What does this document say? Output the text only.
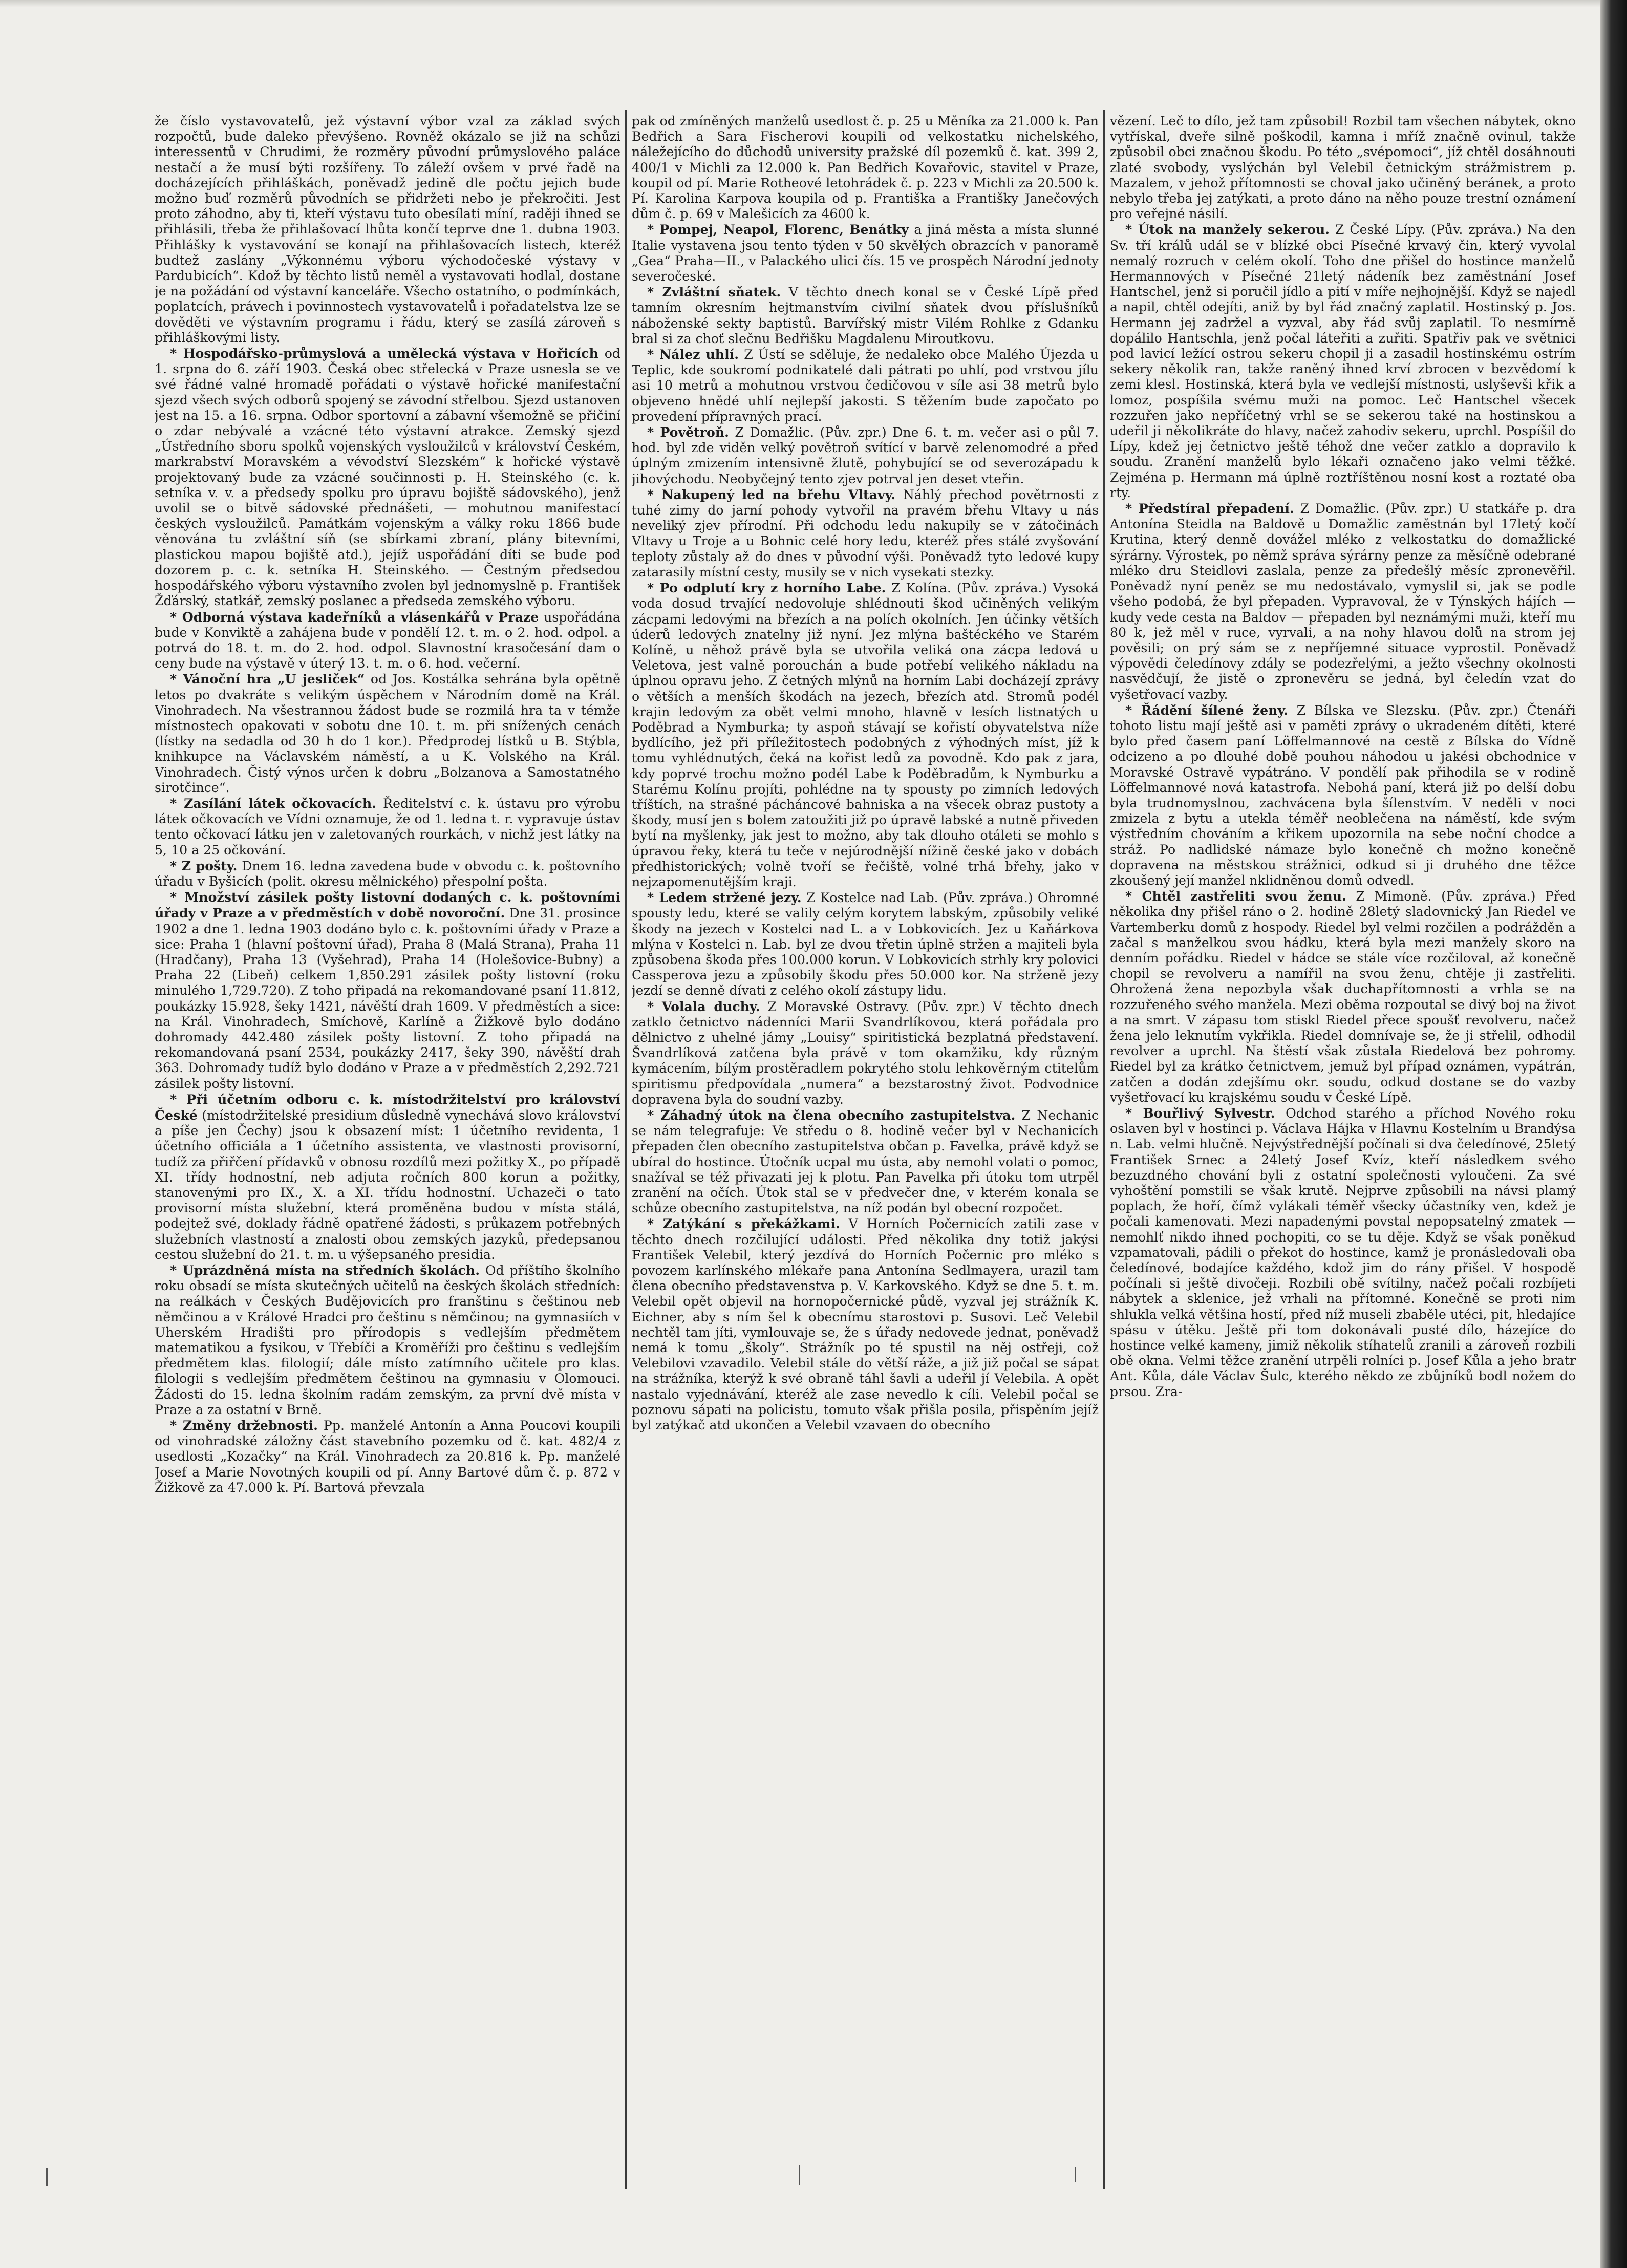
že číslo vystavovatelů, jež výstavní výbor vzal za základ svých rozpočtů, bude daleko převýšeno. Rovněž okázalo se již na schůzi interessentů v Chrudimi, že rozměry původní průmyslového paláce nestačí a že musí býti rozšířeny. To záleží ovšem v prvé řadě na docházejících přihláškách, poněvadž jedině dle počtu jejich bude možno buď rozměrů původních se přidržeti nebo je překročiti. Jest proto záhodno, aby ti, kteří výstavu tuto obesílati míní, raději ihned se přihlásili, třeba že přihlašovací lhůta končí teprve dne 1. dubna 1903. Přihlášky k vystavování se konají na přihlašovacích listech, kteréž budtež zaslány „Výkonnému výboru východočeské výstavy v Pardubicích“. Kdož by těchto listů neměl a vystavovati hodlal, dostane je na požádání od výstavní kanceláře. Všecho ostatního, o podmínkách, poplatcích, právech i povinnostech vystavovatelů i pořadatelstva lze se dověděti ve výstavním programu i řádu, který se zasílá zároveň s přihláškovými listy.

* Hospodářsko-průmyslová a umělecká výstava v Hořicích od 1. srpna do 6. září 1903. Česká obec střelecká v Praze usnesla se ve své řádné valné hromadě pořádati o výstavě hořické manifestační sjezd všech svých odborů spojený se závodní střelbou. Sjezd ustanoven jest na 15. a 16. srpna. Odbor sportovní a zábavní všemožně se přičiní o zdar nebývalé a vzácné této výstavní atrakce. Zemský sjezd „Ústředního sboru spolků vojenských vysloužilců v království Českém, markrabství Moravském a vévodství Slezském“ k hořické výstavě projektovaný bude za vzácné součinnosti p. H. Steinského (c. k. setníka v. v. a předsedy spolku pro úpravu bojiště sádovského), jenž uvolil se o bitvě sádovské přednášeti, — mohutnou manifestací českých vysloužilců. Památkám vojenským a války roku 1866 bude věnována tu zvláštní síň (se sbírkami zbraní, plány bitevními, plastickou mapou bojiště atd.), jejíž uspořádání díti se bude pod dozorem p. c. k. setníka H. Steinského. — Čestným předsedou hospodářského výboru výstavního zvolen byl jednomyslně p. František Žďárský, statkář, zemský poslanec a předseda zemského výboru.

* Odborná výstava kadeřníků a vlásenkářů v Praze uspořádána bude v Konviktě a zahájena bude v pondělí 12. t. m. o 2. hod. odpol. a potrvá do 18. t. m. do 2. hod. odpol. Slavnostní krasočesání dam o ceny bude na výstavě v úterý 13. t. m. o 6. hod. večerní.

* Vánoční hra „U jesliček“ od Jos. Kostálka sehrána byla opětně letos po dvakráte s velikým úspěchem v Národním domě na Král. Vinohradech. Na všestrannou žádost bude se rozmilá hra ta v témže místnostech opakovati v sobotu dne 10. t. m. při snížených cenách (lístky na sedadla od 30 h do 1 kor.). Předprodej lístků u B. Stýbla, knihkupce na Václavském náměstí, a u K. Volského na Král. Vinohradech. Čistý výnos určen k dobru „Bolzanova a Samostatného sirotčince“.

* Zasílání látek očkovacích. Ředitelství c. k. ústavu pro výrobu látek očkovacích ve Vídni oznamuje, že od 1. ledna t. r. vypravuje ústav tento očkovací látku jen v zaletovaných rourkách, v nichž jest látky na 5, 10 a 25 očkování.

* Z pošty. Dnem 16. ledna zavedena bude v obvodu c. k. poštovního úřadu v Byšicích (polit. okresu mělnického) přespolní pošta.

* Množství zásilek pošty listovní dodaných c. k. poštovními úřady v Praze a v předměstích v době novoroční. Dne 31. prosince 1902 a dne 1. ledna 1903 dodáno bylo c. k. poštovními úřady v Praze a sice: Praha 1 (hlavní poštovní úřad), Praha 8 (Malá Strana), Praha 11 (Hradčany), Praha 13 (Vyšehrad), Praha 14 (Holešovice-Bubny) a Praha 22 (Libeň) celkem 1,850.291 zásilek pošty listovní (roku minulého 1,729.720). Z toho připadá na rekomandované psaní 11.812, poukázky 15.928, šeky 1421, návěští drah 1609. V předměstích a sice: na Král. Vinohradech, Smíchově, Karlíně a Žižkově bylo dodáno dohromady 442.480 zásilek pošty listovní. Z toho připadá na rekomandovaná psaní 2534, poukázky 2417, šeky 390, návěští drah 363. Dohromady tudíž bylo dodáno v Praze a v předměstích 2,292.721 zásilek pošty listovní.

* Při účetním odboru c. k. místodržitelství pro království České (místodržitelské presidium důsledně vynechává slovo království a píše jen Čechy) jsou k obsazení míst: 1 účetního revidenta, 1 účetního officiála a 1 účetního assistenta, ve vlastnosti provisorní, tudíž za přiřčení přídavků v obnosu rozdílů mezi požitky X., po případě XI. třídy hodnostní, neb adjuta ročních 800 korun a požitky, stanovenými pro IX., X. a XI. třídu hodnostní. Uchazeči o tato provisorní místa služební, která proměněna budou v místa stálá, podejtež své, doklady řádně opatřené žádosti, s průkazem potřebných služebních vlastností a znalosti obou zemských jazyků, předepsanou cestou služební do 21. t. m. u výšepsaného presidia.

* Uprázdněná místa na středních školách. Od příštího školního roku obsadí se místa skutečných učitelů na českých školách středních: na reálkách v Českých Budějovicích pro franštinu s češtinou neb němčinou a v Králové Hradci pro češtinu s němčinou; na gymnasiích v Uherském Hradišti pro přírodopis s vedlejším předmětem matematikou a fysikou, v Třebíči a Kroměříži pro češtinu s vedlejším předmětem klas. filologií; dále místo zatímního učitele pro klas. filologii s vedlejším předmětem češtinou na gymnasiu v Olomouci. Žádosti do 15. ledna školním radám zemským, za první dvě místa v Praze a za ostatní v Brně.

* Změny držebnosti. Pp. manželé Antonín a Anna Poucovi koupili od vinohradské záložny část stavebního pozemku od č. kat. 482/4 z usedlosti „Kozačky“ na Král. Vinohradech za 20.816 k. Pp. manželé Josef a Marie Novotných koupili od pí. Anny Bartové dům č. p. 872 v Žižkově za 47.000 k. Pí. Bartová převzala

pak od zmíněných manželů usedlost č. p. 25 u Měníka za 21.000 k. Pan Bedřich a Sara Fischerovi koupili od velkostatku nichelského, náležejícího do důchodů university pražské díl pozemků č. kat. 399 2, 400/1 v Michli za 12.000 k. Pan Bedřich Kovařovic, stavitel v Praze, koupil od pí. Marie Rotheové letohrádek č. p. 223 v Michli za 20.500 k. Pí. Karolina Karpova koupila od p. Františka a Františky Janečových dům č. p. 69 v Malešicích za 4600 k.

* Pompej, Neapol, Florenc, Benátky a jiná města a místa slunné Italie vystavena jsou tento týden v 50 skvělých obrazcích v panoramě „Gea“ Praha—II., v Palackého ulici čís. 15 ve prospěch Národní jednoty severočeské.

* Zvláštní sňatek. V těchto dnech konal se v České Lípě před tamním okresním hejtmanstvím civilní sňatek dvou příslušníků náboženské sekty baptistů. Barvířský mistr Vilém Rohlke z Gdanku bral si za choť slečnu Bedřišku Magdalenu Miroutkovu.

* Nález uhlí. Z Ústí se sděluje, že nedaleko obce Malého Újezda u Teplic, kde soukromí podnikatelé dali pátrati po uhlí, pod vrstvou jílu asi 10 metrů a mohutnou vrstvou čedičovou v síle asi 38 metrů bylo objeveno hnědé uhlí nejlepší jakosti. S těžením bude započato po provedení přípravných prací.

* Povětroň. Z Domažlic. (Pův. zpr.) Dne 6. t. m. večer asi o půl 7. hod. byl zde viděn velký povětroň svítící v barvě zelenomodré a před úplným zmizením intensivně žlutě, pohybující se od severozápadu k jihovýchodu. Neobyčejný tento zjev potrval jen deset vteřin.

* Nakupený led na břehu Vltavy. Náhlý přechod povětrnosti z tuhé zimy do jarní pohody vytvořil na pravém břehu Vltavy u nás neveliký zjev přírodní. Při odchodu ledu nakupily se v zátočinách Vltavy u Troje a u Bohnic celé hory ledu, kteréž přes stálé zvyšování teploty zůstaly až do dnes v původní výši. Poněvadž tyto ledové kupy zatarasily místní cesty, musily se v nich vysekati stezky.

* Po odplutí kry z horního Labe. Z Kolína. (Pův. zpráva.) Vysoká voda dosud trvající nedovoluje shlédnouti škod učiněných velikým zácpami ledovými na březích a na polích okolních. Jen účinky větších úderů ledových znatelny již nyní. Jez mlýna baštéckého ve Starém Kolíně, u něhož právě byla se utvořila veliká ona zácpa ledová u Veletova, jest valně porouchán a bude potřebí velikého nákladu na úplnou opravu jeho. Z četných mlýnů na horním Labi docházejí zprávy o větších a menších škodách na jezech, březích atd. Stromů podél krajin ledovým za obět velmi mnoho, hlavně v lesích listnatých u Poděbrad a Nymburka; ty aspoň stávají se kořistí obyvatelstva níže bydlícího, jež při příležitostech podobných z výhodných míst, jíž k tomu vyhlédnutých, čeká na kořist ledů za povodně. Kdo pak z jara, kdy poprvé trochu možno podél Labe k Poděbradům, k Nymburku a Starému Kolínu projíti, pohlédne na ty spousty po zimních ledových tříštích, na strašné pácháncové bahniska a na všecek obraz pustoty a škody, musí jen s bolem zatoužiti již po úpravě labské a nutně přiveden bytí na myšlenky, jak jest to možno, aby tak dlouho otáleti se mohlo s úpravou řeky, která tu teče v nejúrodnější nížině české jako v dobách předhistorických; volně tvoří se řečiště, volné trhá břehy, jako v nejzapomenutějším kraji.

* Ledem stržené jezy. Z Kostelce nad Lab. (Pův. zpráva.) Ohromné spousty ledu, které se valily celým korytem labským, způsobily veliké škody na jezech v Kostelci nad L. a v Lobkovicích. Jez u Kaňárkova mlýna v Kostelci n. Lab. byl ze dvou třetin úplně stržen a majiteli byla způsobena škoda přes 100.000 korun. V Lobkovicích strhly kry polovici Cassperova jezu a způsobily škodu přes 50.000 kor. Na strženě jezy jezdí se denně dívati z celého okolí zástupy lidu.

* Volala duchy. Z Moravské Ostravy. (Pův. zpr.) V těchto dnech zatklo četnictvo nádenníci Marii Svandrlíkovou, která pořádala pro dělnictvo z uhelné jámy „Louisy“ spiritistická bezplatná představení. Švandrlíková zatčena byla právě v tom okamžiku, kdy různým kymácením, bílým prostěradlem pokrytého stolu lehkověrným ctitelům spiritismu předpovídala „numera“ a bezstarostný život. Podvodnice dopravena byla do soudní vazby.

* Záhadný útok na člena obecního zastupitelstva. Z Nechanic se nám telegrafuje: Ve středu o 8. hodině večer byl v Nechanicích přepaden člen obecního zastupitelstva občan p. Favelka, právě když se ubíral do hostince. Útočník ucpal mu ústa, aby nemohl volati o pomoc, snažíval se též přivazati jej k plotu. Pan Pavelka při útoku tom utrpěl zranění na očích. Útok stal se v předvečer dne, v kterém konala se schůze obecního zastupitelstva, na níž podán byl obecní rozpočet.

* Zatýkání s překážkami. V Horních Počernicích zatili zase v těchto dnech rozčilující události. Před několika dny totiž jakýsi František Velebil, který jezdívá do Horních Počernic pro mléko s povozem karlínského mlékaře pana Antonína Sedlmayera, urazil tam člena obecního představenstva p. V. Karkovského. Když se dne 5. t. m. Velebil opět objevil na hornopočernické půdě, vyzval jej strážník K. Eichner, aby s ním šel k obecnímu starostovi p. Susovi. Leč Velebil nechtěl tam jíti, vymlouvaje se, že s úřady nedovede jednat, poněvadž nemá k tomu „školy“. Strážník po té spustil na něj ostřeji, což Velebilovi vzavadilo. Velebil stále do větší ráže, a již již počal se sápat na strážníka, kterýž k své obraně táhl šavli a udeřil jí Velebila. A opět nastalo vyjednávání, kteréž ale zase nevedlo k cíli. Velebil počal se poznovu sápati na policistu, tomuto však přišla posila, přispěním jejíž byl zatýkač atd ukončen a Velebil vzavaen do obecního

vězení. Leč to dílo, jež tam způsobil! Rozbil tam všechen nábytek, okno vytřískal, dveře silně poškodil, kamna i mříž značně ovinul, takže způsobil obci značnou škodu. Po této „svépomoci“, jíž chtěl dosáhnouti zlaté svobody, vyslýchán byl Velebil četnickým strážmistrem p. Mazalem, v jehož přítomnosti se choval jako učiněný beránek, a proto nebylo třeba jej zatýkati, a proto dáno na něho pouze trestní oznámení pro veřejné násilí.

* Útok na manžely sekerou. Z České Lípy. (Pův. zpráva.) Na den Sv. tří králů udál se v blízké obci Písečné krvavý čin, který vyvolal nemalý rozruch v celém okolí. Toho dne přišel do hostince manželů Hermannových v Písečné 21letý nádeník bez zaměstnání Josef Hantschel, jenž si poručil jídlo a pití v míře nejhojnější. Když se najedl a napil, chtěl odejíti, aniž by byl řád značný zaplatil. Hostinský p. Jos. Hermann jej zadržel a vyzval, aby řád svůj zaplatil. To nesmírně dopálilo Hantschla, jenž počal láteřiti a zuřiti. Spatřiv pak ve světnici pod lavicí ležící ostrou sekeru chopil ji a zasadil hostinskému ostrím sekery několik ran, takže raněný ihned krví zbrocen v bezvědomí k zemi klesl. Hostinská, která byla ve vedlejší místnosti, uslyševši křik a lomoz, pospíšila svému muži na pomoc. Leč Hantschel všecek rozzuřen jako nepříčetný vrhl se se sekerou také na hostinskou a udeřil ji několikráte do hlavy, načež zahodiv sekeru, uprchl. Pospíšil do Lípy, kdež jej četnictvo ještě téhož dne večer zatklo a dopravilo k soudu. Zranění manželů bylo lékaři označeno jako velmi těžké. Zejména p. Hermann má úplně roztříštěnou nosní kost a roztaté oba rty.

* Předstíral přepadení. Z Domažlic. (Pův. zpr.) U statkáře p. dra Antonína Steidla na Baldově u Domažlic zaměstnán byl 17letý kočí Krutina, který denně dovážel mléko z velkostatku do domažlické sýrárny. Výrostek, po němž správa sýrárny penze za měsíčně odebrané mléko dru Steidlovi zaslala, penze za předešlý měsíc zpronevěřil. Poněvadž nyní peněz se mu nedostávalo, vymyslil si, jak se podle všeho podobá, že byl přepaden. Vypravoval, že v Týnských hájích — kudy vede cesta na Baldov — přepaden byl neznámými muži, kteří mu 80 k, jež měl v ruce, vyrvali, a na nohy hlavou dolů na strom jej pověsili; on prý sám se z nepříjemné situace vyprostil. Poněvadž výpovědi čeledínovy zdály se podezřelými, a ježto všechny okolnosti nasvědčují, že jistě o zpronevěru se jedná, byl čeledín vzat do vyšetřovací vazby.

* Řádění šílené ženy. Z Bílska ve Slezsku. (Pův. zpr.) Čtenáři tohoto listu mají ještě asi v paměti zprávy o ukradeném dítěti, které bylo před časem paní Löffelmannové na cestě z Bílska do Vídně odcizeno a po dlouhé době pouhou náhodou u jakési obchodnice v Moravské Ostravě vypátráno. V pondělí pak přihodila se v rodině Löffelmannové nová katastrofa. Nebohá paní, která již po delší dobu byla trudnomyslnou, zachvácena byla šílenstvím. V neděli v noci zmizela z bytu a utekla téměř neoblečena na náměstí, kde svým výstředním chováním a křikem upozornila na sebe noční chodce a stráž. Po nadlidské námaze bylo konečně ch možno konečně dopravena na městskou strážnici, odkud si ji druhého dne těžce zkoušený její manžel nklidněnou domů odvedl.

* Chtěl zastřeliti svou ženu. Z Mimoně. (Pův. zpráva.) Před několika dny přišel ráno o 2. hodině 28letý sladovnický Jan Riedel ve Vartemberku domů z hospody. Riedel byl velmi rozčilen a podrážděn a začal s manželkou svou hádku, která byla mezi manžely skoro na denním pořádku. Riedel v hádce se stále více rozčiloval, až konečně chopil se revolveru a namířil na svou ženu, chtěje ji zastřeliti. Ohrožená žena nepozbyla však duchapřítomnosti a vrhla se na rozzuřeného svého manžela. Mezi oběma rozpoutal se divý boj na život a na smrt. V zápasu tom stiskl Riedel přece spoušť revolveru, načež žena jelo leknutím vykřikla. Riedel domnívaje se, že ji střelil, odhodil revolver a uprchl. Na štěstí však zůstala Riedelová bez pohromy. Riedel byl za krátko četnictvem, jemuž byl případ oznámen, vypátrán, zatčen a dodán zdejšímu okr. soudu, odkud dostane se do vazby vyšetřovací ku krajskému soudu v České Lípě.

* Bouřlivý Sylvestr. Odchod starého a příchod Nového roku oslaven byl v hostinci p. Václava Hájka v Hlavnu Kostelním u Brandýsa n. Lab. velmi hlučně. Nejvýstřednější počínali si dva čeledínové, 25letý František Srnec a 24letý Josef Kvíz, kteří následkem svého bezuzdného chování byli z ostatní společnosti vyloučeni. Za své vyhoštění pomstili se však krutě. Nejprve způsobili na návsi plamý poplach, že hoří, čímž vylákali téměř všecky účastníky ven, kdež je počali kamenovati. Mezi napadenými povstal nepopsatelný zmatek — nemohlť nikdo ihned pochopiti, co se tu děje. Když se však poněkud vzpamatovali, pádili o překot do hostince, kamž je pronásledovali oba čeledínové, bodajíce každého, kdož jim do rány přišel. V hospodě počínali si ještě divočeji. Rozbili obě svítilny, načež počali rozbíjeti nábytek a sklenice, jež vrhali na přítomné. Konečně se proti nim shlukla velká většina hostí, před níž museli zbaběle utéci, pit, hledajíce spásu v útěku. Ještě při tom dokonávali pusté dílo, házejíce do hostince velké kameny, jimiž několik stíhatelů zranili a zároveň rozbili obě okna. Velmi těžce zranění utrpěli rolníci p. Josef Kůla a jeho bratr Ant. Kůla, dále Václav Šulc, kterého někdo ze zbůjníků bodl nožem do prsou. Zra-
